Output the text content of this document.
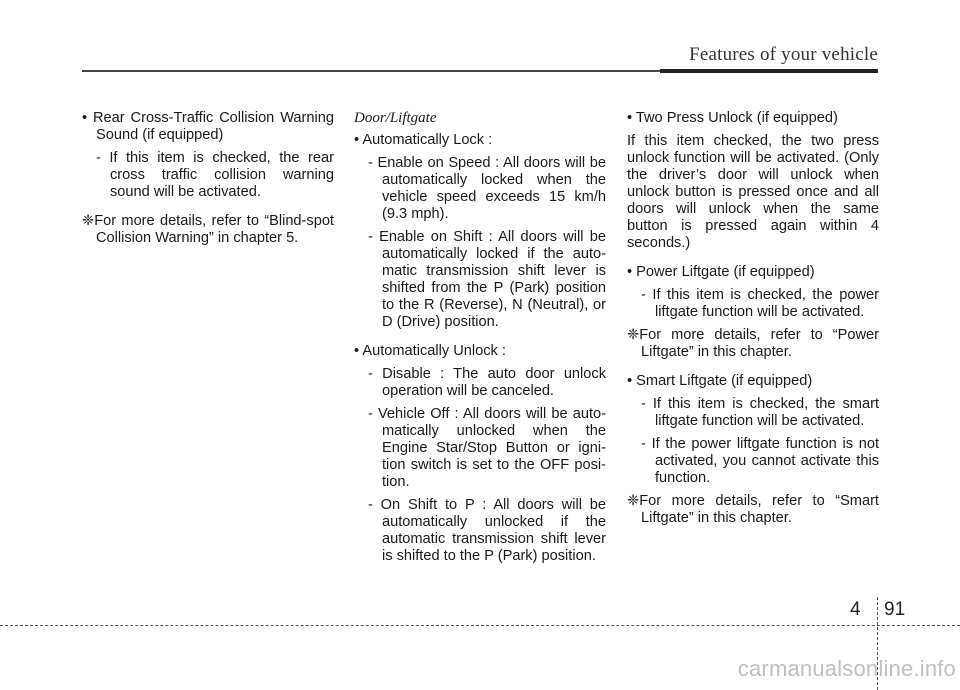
Features of your vehicle
• Rear Cross-Traffic Collision Warning Sound (if equipped)
- If this item is checked, the rear cross traffic collision warning sound will be activated.
❈For more details, refer to “Blind-spot Collision Warning” in chapter 5.
Door/Liftgate
• Automatically Lock :
- Enable on Speed : All doors will be automatically locked when the vehicle speed exceeds 15 km/h (9.3 mph).
- Enable on Shift : All doors will be automatically locked if the auto-matic transmission shift lever is shifted from the P (Park) position to the R (Reverse), N (Neutral), or D (Drive) position.
• Automatically Unlock :
- Disable : The auto door unlock operation will be canceled.
- Vehicle Off : All doors will be auto-matically unlocked when the Engine Star/Stop Button or igni-tion switch is set to the OFF posi-tion.
- On Shift to P : All doors will be automatically unlocked if the automatic transmission shift lever is shifted to the P (Park) position.
• Two Press Unlock (if equipped)
If this item checked, the two press unlock function will be activated. (Only the driver’s door will unlock when unlock button is pressed once and all doors will unlock when the same button is pressed again within 4 seconds.)
• Power Liftgate (if equipped)
- If this item is checked, the power liftgate function will be activated.
❈For more details, refer to “Power Liftgate” in this chapter.
• Smart Liftgate (if equipped)
- If this item is checked, the smart liftgate function will be activated.
- If the power liftgate function is not activated, you cannot activate this function.
❈For more details, refer to “Smart Liftgate” in this chapter.
4 91
carmanualsonline.info
